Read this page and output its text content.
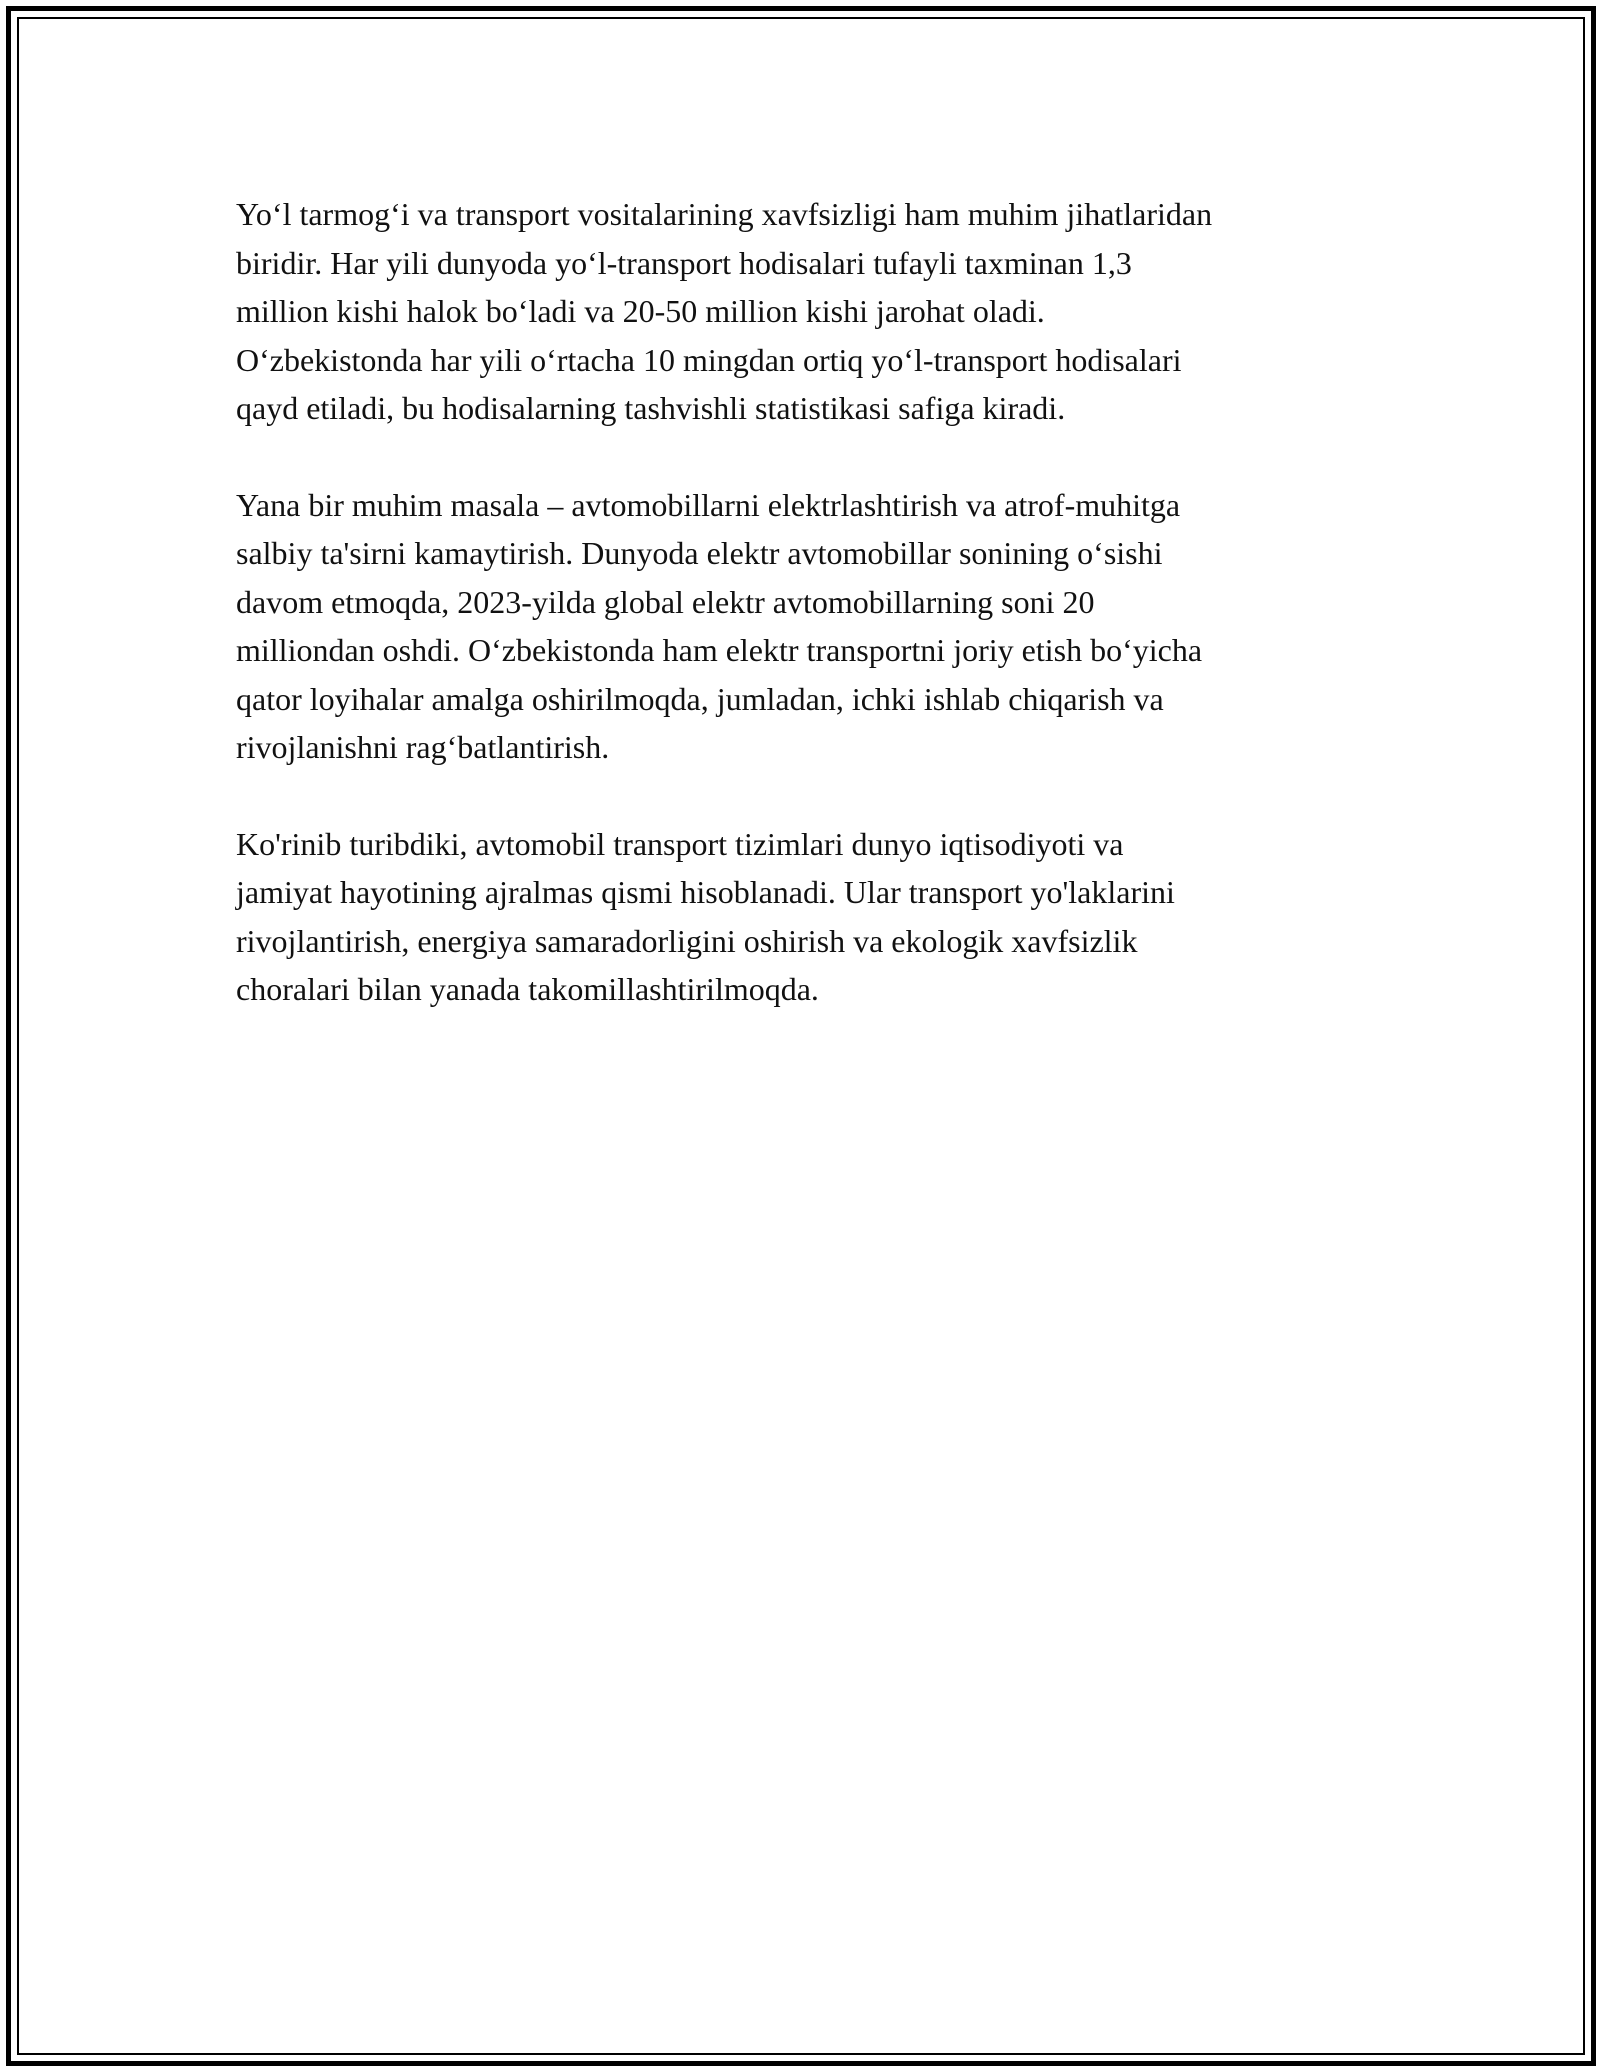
Yo‘l tarmog‘i va transport vositalarining xavfsizligi ham muhim jihatlaridan
biridir. Har yili dunyoda yo‘l-transport hodisalari tufayli taxminan 1,3
million kishi halok bo‘ladi va 20-50 million kishi jarohat oladi.
O‘zbekistonda har yili o‘rtacha 10 mingdan ortiq yo‘l-transport hodisalari
qayd etiladi, bu hodisalarning tashvishli statistikasi safiga kiradi.

Yana bir muhim masala – avtomobillarni elektrlashtirish va atrof-muhitga
salbiy ta'sirni kamaytirish. Dunyoda elektr avtomobillar sonining o‘sishi
davom etmoqda, 2023-yilda global elektr avtomobillarning soni 20
milliondan oshdi. O‘zbekistonda ham elektr transportni joriy etish bo‘yicha
qator loyihalar amalga oshirilmoqda, jumladan, ichki ishlab chiqarish va
rivojlanishni rag‘batlantirish.

Ko'rinib turibdiki, avtomobil transport tizimlari dunyo iqtisodiyoti va
jamiyat hayotining ajralmas qismi hisoblanadi. Ular transport yo'laklarini
rivojlantirish, energiya samaradorligini oshirish va ekologik xavfsizlik
choralari bilan yanada takomillashtirilmoqda.
